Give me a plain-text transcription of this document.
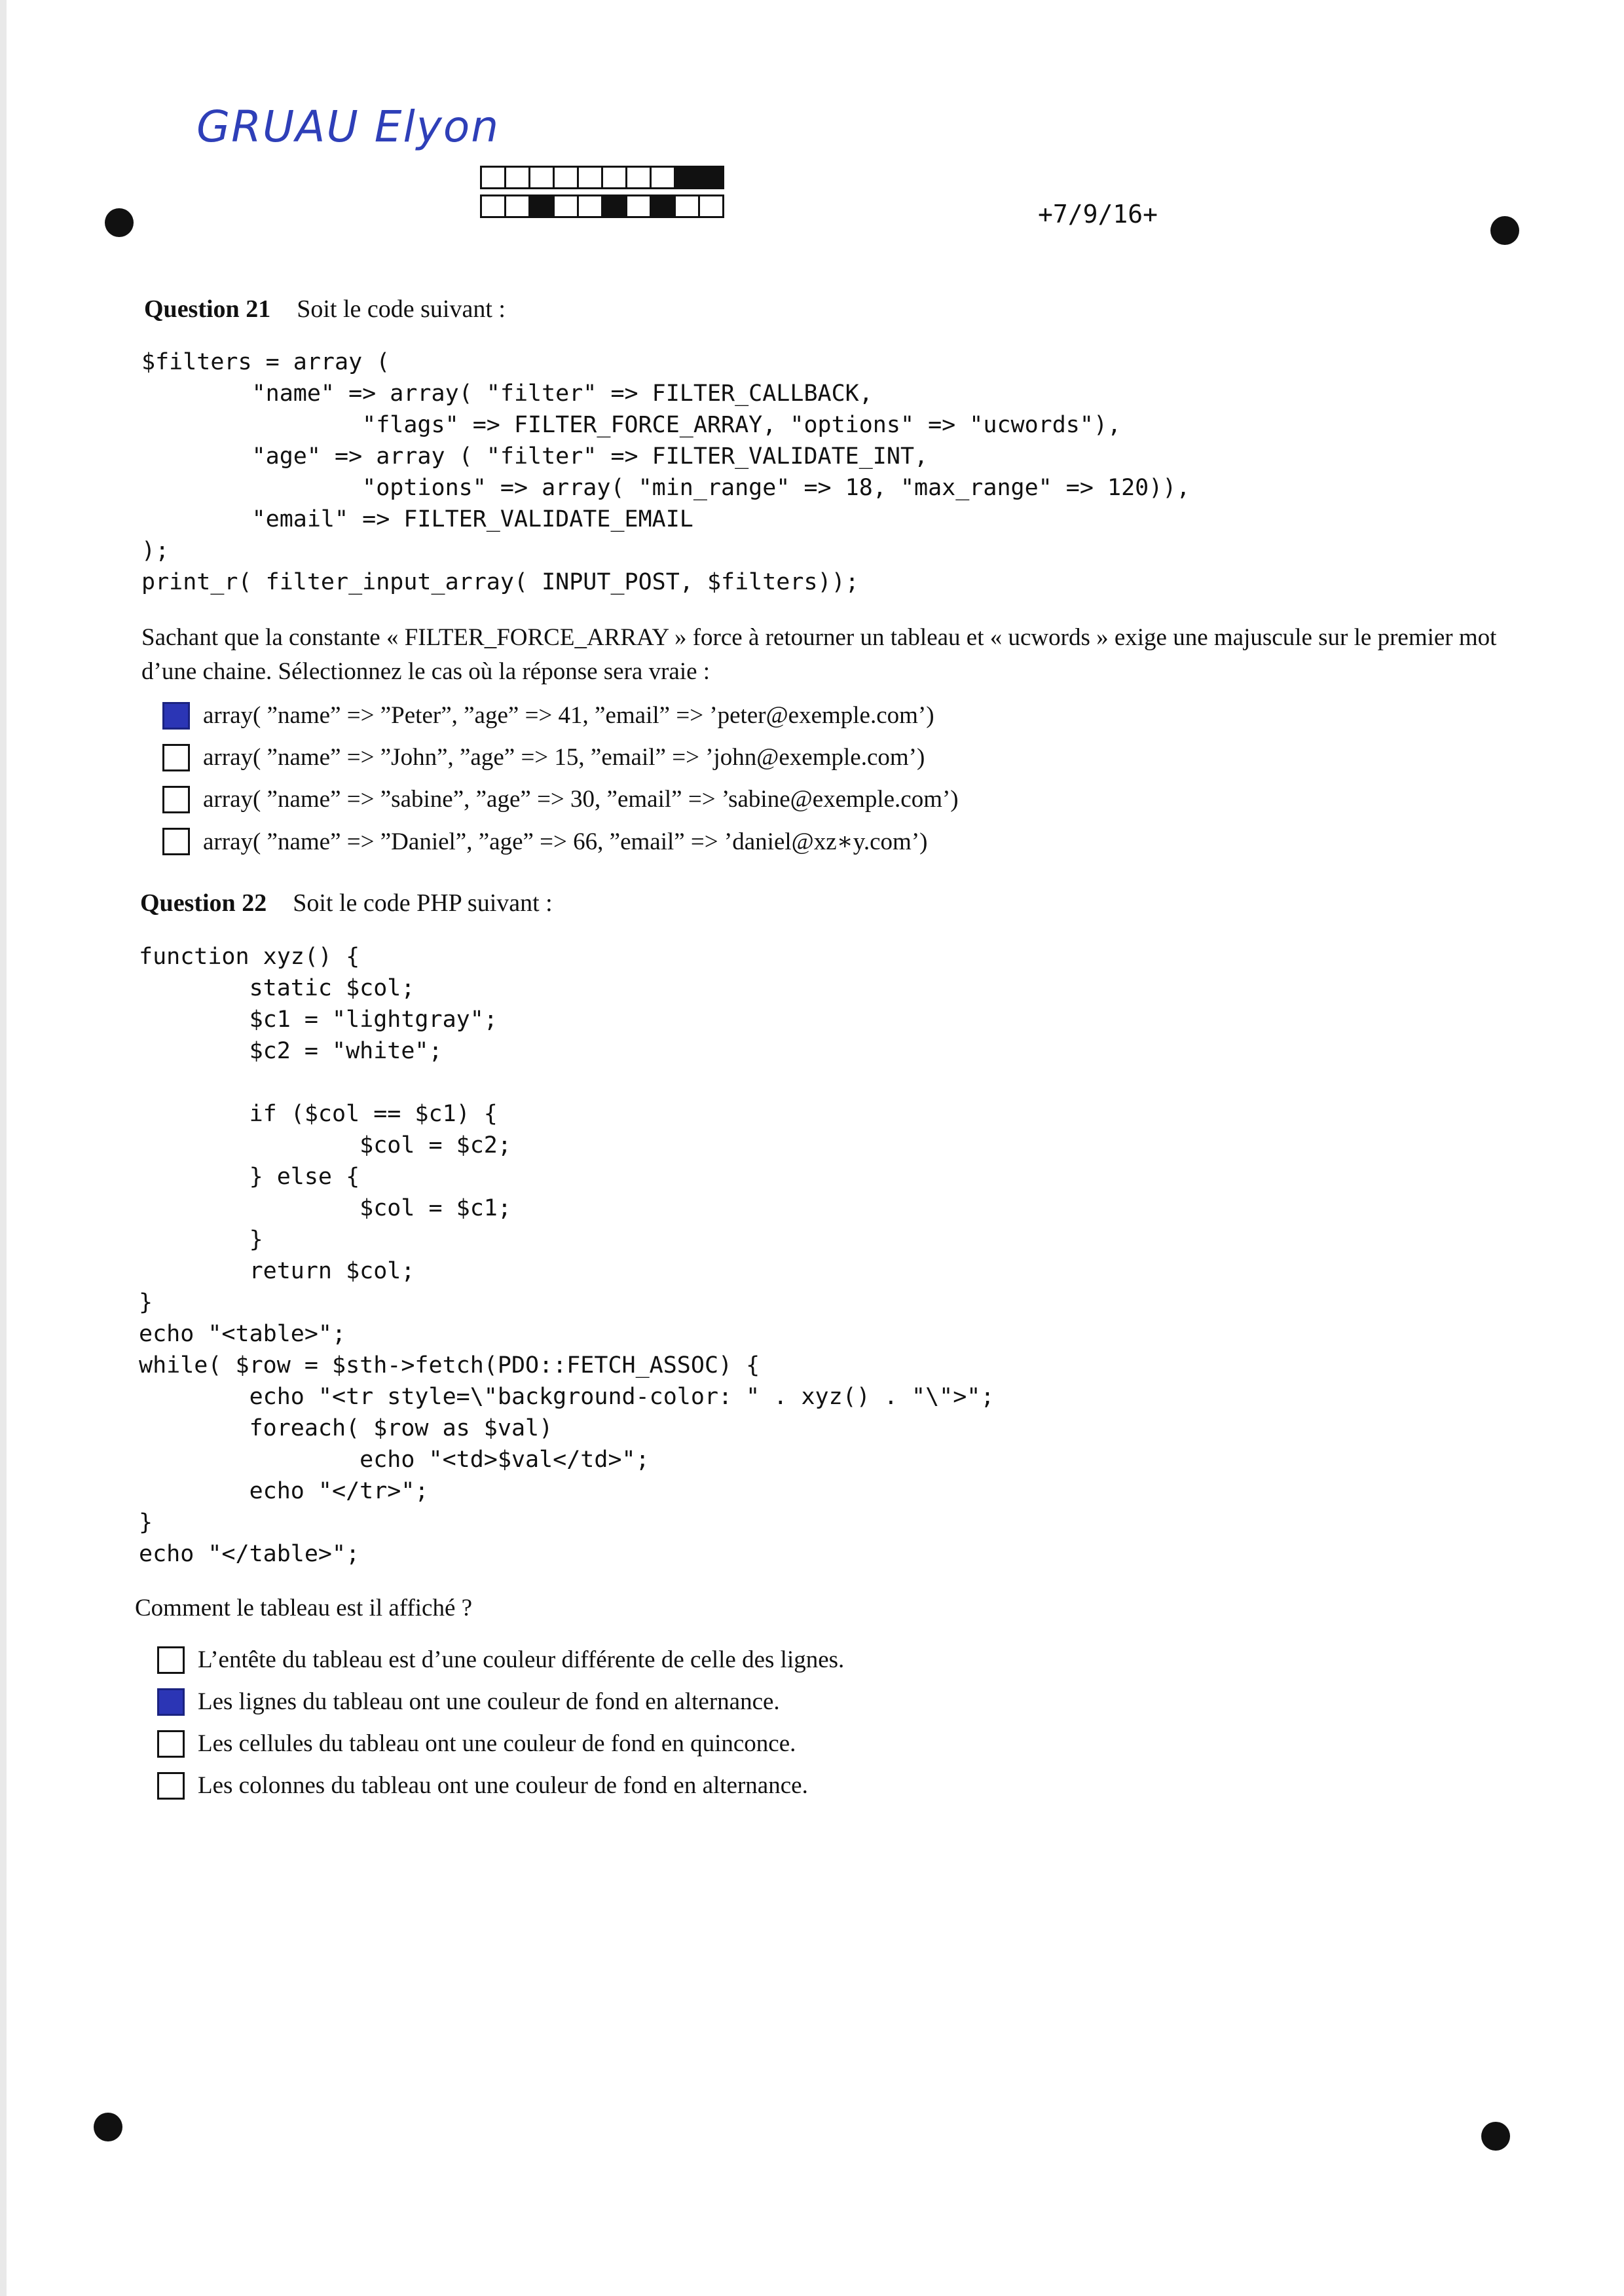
GRUAU Elyon
+7/9/16+
Question 21 Soit le code suivant :
$filters = array (
"name" => array( "filter" => FILTER_CALLBACK,
"flags" => FILTER_FORCE_ARRAY, "options" => "ucwords"),
"age" => array ( "filter" => FILTER_VALIDATE_INT,
"options" => array( "min_range" => 18, "max_range" => 120)),
"email" => FILTER_VALIDATE_EMAIL
);
print_r( filter_input_array( INPUT_POST, $filters));
Sachant que la constante « FILTER_FORCE_ARRAY » force à retourner un tableau et « ucwords » exige une majuscule sur le premier mot d’une chaine. Sélectionnez le cas où la réponse sera vraie :
array( ”name” => ”Peter”, ”age” => 41, ”email” => ’peter@exemple.com’)
array( ”name” => ”John”, ”age” => 15, ”email” => ’john@exemple.com’)
array( ”name” => ”sabine”, ”age” => 30, ”email” => ’sabine@exemple.com’)
array( ”name” => ”Daniel”, ”age” => 66, ”email” => ’daniel@xz∗y.com’)
Question 22 Soit le code PHP suivant :
function xyz() {
static $col;
$c1 = "lightgray";
$c2 = "white";

if ($col == $c1) {
$col = $c2;
} else {
$col = $c1;
}
return $col;
}
echo "<table>";
while( $row = $sth->fetch(PDO::FETCH_ASSOC) {
echo "<tr style=\"background-color: " . xyz() . "\">";
foreach( $row as $val)
echo "<td>$val</td>";
echo "</tr>";
}
echo "</table>";
Comment le tableau est il affiché ?
L’entête du tableau est d’une couleur différente de celle des lignes.
Les lignes du tableau ont une couleur de fond en alternance.
Les cellules du tableau ont une couleur de fond en quinconce.
Les colonnes du tableau ont une couleur de fond en alternance.
